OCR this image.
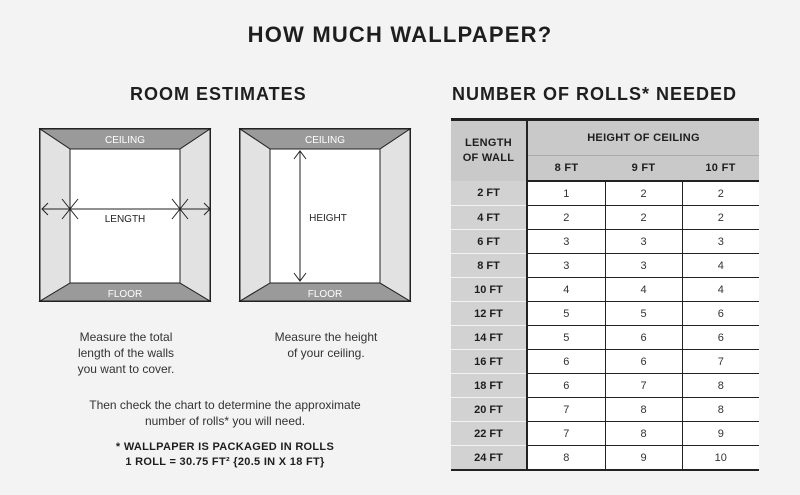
HOW MUCH WALLPAPER?
ROOM ESTIMATES	NUMBER OF ROLLS* NEEDED
CEILING
FLOOR
LENGTH
CEILING
FLOOR
HEIGHT
Measure the total
length of the walls
you want to cover.
Measure the height
of your ceiling.
Then check the chart to determine the approximate
number of rolls* you will need.
* WALLPAPER IS PACKAGED IN ROLLS
1 ROLL = 30.75 FT² {20.5 IN X 18 FT}
LENGTH
OF WALL	HEIGHT OF CEILING		
	8 FT	9 FT	10 FT
2 FT	1	2	2
4 FT	2	2	2
6 FT	3	3	3
8 FT	3	3	4
10 FT	4	4	4
12 FT	5	5	6
14 FT	5	6	6
16 FT	6	6	7
18 FT	6	7	8
20 FT	7	8	8
22 FT	7	8	9
24 FT	8	9	10
